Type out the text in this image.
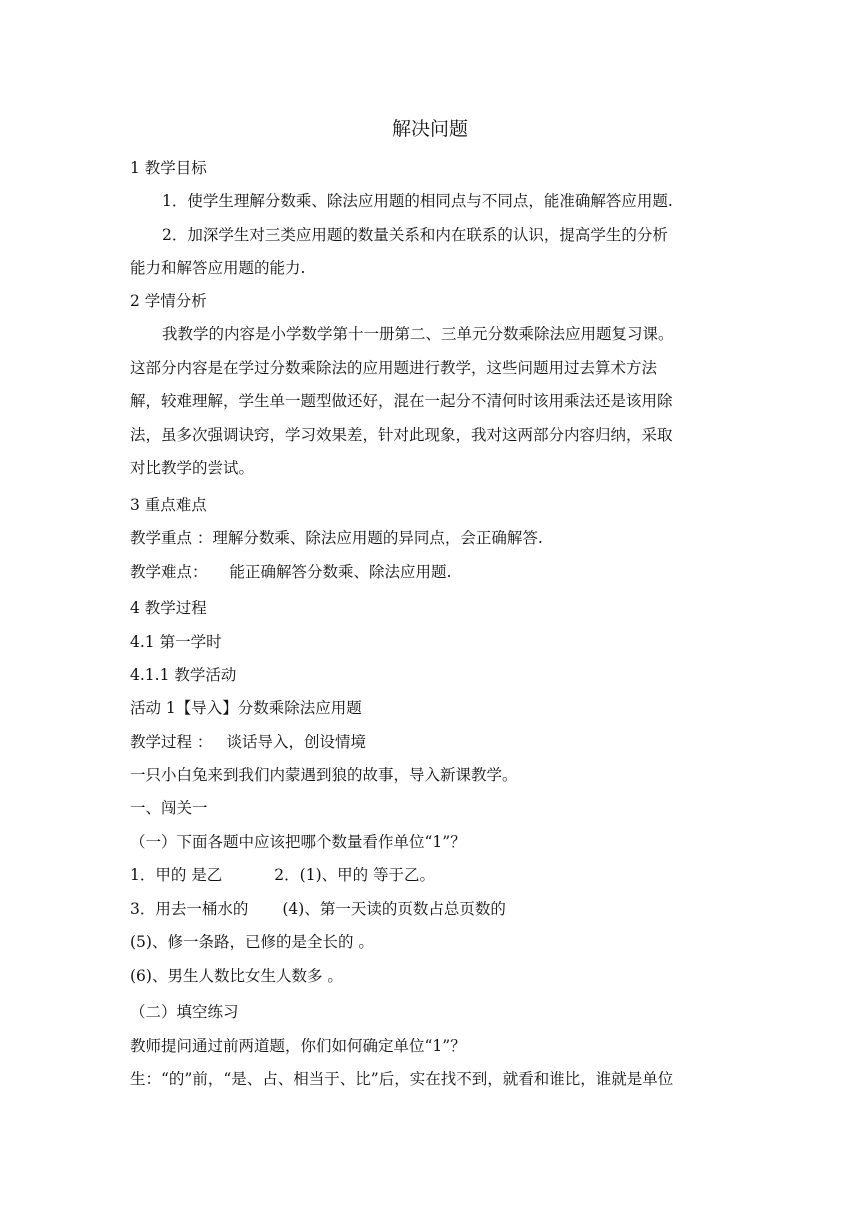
解决问题
1 教学目标
1．使学生理解分数乘、除法应用题的相同点与不同点，能准确解答应用题.
2．加深学生对三类应用题的数量关系和内在联系的认识，提高学生的分析
能力和解答应用题的能力.
2 学情分析
我教学的内容是小学数学第十一册第二、三单元分数乘除法应用题复习课。
这部分内容是在学过分数乘除法的应用题进行教学，这些问题用过去算术方法
解，较难理解，学生单一题型做还好，混在一起分不清何时该用乘法还是该用除
法，虽多次强调诀窍，学习效果差，针对此现象，我对这两部分内容归纳，采取
对比教学的尝试。
3 重点难点
教学重点 ：理解分数乘、除法应用题的异同点，会正确解答.
教学难点： 能正确解答分数乘、除法应用题.
4 教学过程
4.1 第一学时
4.1.1 教学活动
活动 1【导入】分数乘除法应用题
教学过程 ： 谈话导入，创设情境
一只小白兔来到我们内蒙遇到狼的故事，导入新课教学。
一、闯关一
（一）下面各题中应该把哪个数量看作单位“1”？
1．甲的 是乙	2．(1)、甲的 等于乙。
3．用去一桶水的 (4)、第一天读的页数占总页数的
(5)、修一条路，已修的是全长的 。
(6)、男生人数比女生人数多 。
（二）填空练习
教师提问通过前两道题，你们如何确定单位“1”？
生：“的”前，“是、占、相当于、比”后，实在找不到，就看和谁比，谁就是单位
